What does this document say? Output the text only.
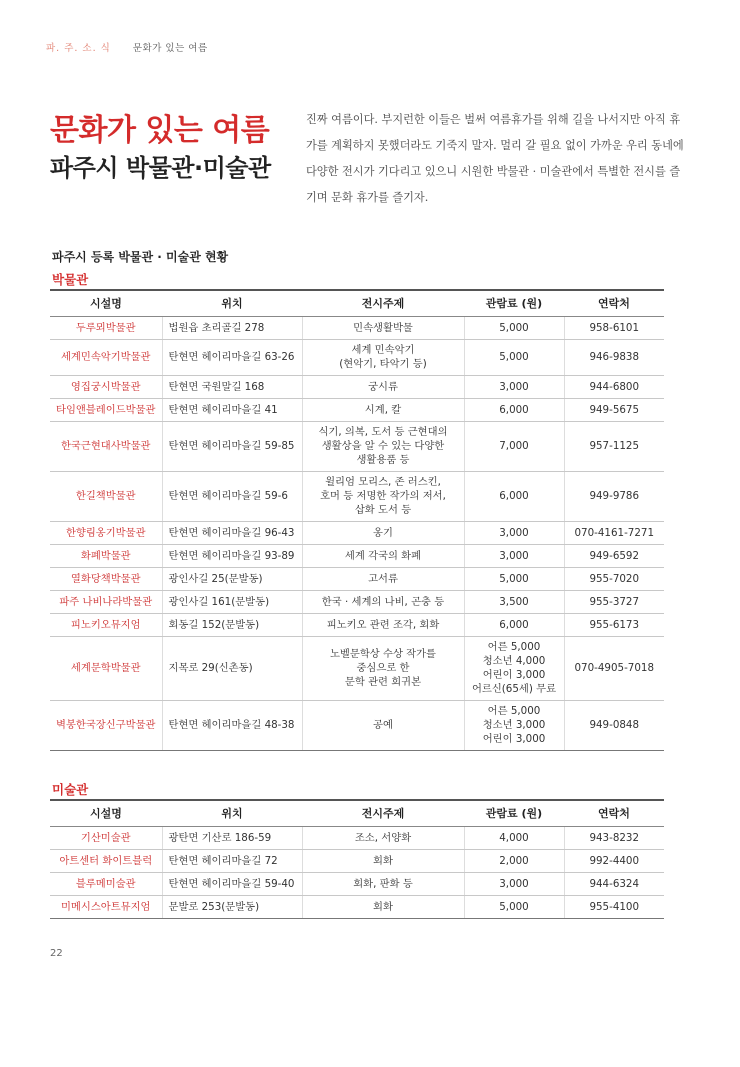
파. 주. 소. 식 문화가 있는 여름
문화가 있는 여름
파주시 박물관·미술관

진짜 여름이다. 부지런한 이들은 벌써 여름휴가를 위해 길을 나서지만 아직 휴가를 계획하지 못했더라도 기죽지 말자. 멀리 갈 필요 없이 가까운 우리 동네에 다양한 전시가 기다리고 있으니 시원한 박물관 · 미술관에서 특별한 전시를 즐기며 문화 휴가를 즐기자.

파주시 등록 박물관 · 미술관 현황
박물관
시설명	위치	전시주제	관람료 (원)	연락처
두루뫼박물관	법원읍 초리골길 278	민속생활박물	5,000	958-6101
세계민속악기박물관	탄현면 헤이리마을길 63-26	세계 민속악기
(현악기, 타악기 등)	5,000	946-9838
영집궁시박물관	탄현면 국원말길 168	궁시류	3,000	944-6800
타임앤블레이드박물관	탄현면 헤이리마을길 41	시계, 칼	6,000	949-5675
한국근현대사박물관	탄현면 헤이리마을길 59-85	식기, 의복, 도서 등 근현대의
생활상을 알 수 있는 다양한
생활용품 등	7,000	957-1125
한길책박물관	탄현면 헤이리마을길 59-6	윌리엄 모리스, 존 러스킨,
호머 등 저명한 작가의 저서,
삽화 도서 등	6,000	949-9786
한향림옹기박물관	탄현면 헤이리마을길 96-43	옹기	3,000	070-4161-7271
화폐박물관	탄현면 헤이리마을길 93-89	세계 각국의 화폐	3,000	949-6592
열화당책박물관	광인사길 25(문발동)	고서류	5,000	955-7020
파주 나비나라박물관	광인사길 161(문발동)	한국 · 세계의 나비, 곤충 등	3,500	955-3727
피노키오뮤지엄	회동길 152(문발동)	피노키오 관련 조각, 회화	6,000	955-6173
세계문학박물관	지목로 29(신촌동)	노벨문학상 수상 작가를
중심으로 한
문학 관련 희귀본	어른 5,000
청소년 4,000
어린이 3,000
어르신(65세) 무료	070-4905-7018
벽봉한국장신구박물관	탄현면 헤이리마을길 48-38	공예	어른 5,000
청소년 3,000
어린이 3,000	949-0848
미술관
시설명	위치	전시주제	관람료 (원)	연락처
기산미술관	광탄면 기산로 186-59	조소, 서양화	4,000	943-8232
아트센터 화이트블럭	탄현면 헤이리마을길 72	회화	2,000	992-4400
블루메미술관	탄현면 헤이리마을길 59-40	회화, 판화 등	3,000	944-6324
미메시스아트뮤지엄	문발로 253(문발동)	회화	5,000	955-4100
22
